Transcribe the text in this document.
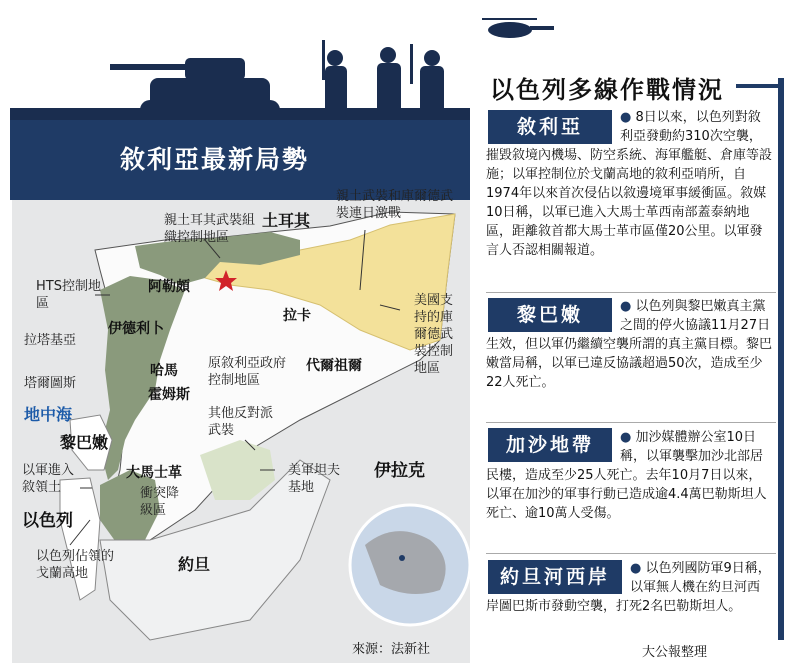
敘利亞最新局勢
親土武裝和庫爾德武裝連日激戰
親土耳其武裝組織控制地區
土耳其
HTS控制地區
阿勒頗
伊德利卜
拉塔基亞
拉卡
美國支持的庫爾德武裝控制地區
哈馬
塔爾圖斯
霍姆斯
原敘利亞政府控制地區
代爾祖爾
地中海
黎巴嫩
其他反對派武裝
以軍進入敘領土
大馬士革
衝突降級區
美軍坦夫基地
伊拉克
以色列
以色列佔領的戈蘭高地	約旦
來源：法新社
以色列多線作戰情況
敘利亞	● 8日以來，以色列對敘利亞發動約310次空襲，摧毀敘境內機場、防空系統、海軍艦艇、倉庫等設施；以軍控制位於戈蘭高地的敘利亞哨所，自1974年以來首次侵佔以敘邊境軍事緩衝區。敘媒10日稱，以軍已進入大馬士革西南部蓋泰納地區，距離敘首都大馬士革市區僅20公里。以軍發言人否認相關報道。
黎巴嫩	● 以色列與黎巴嫩真主黨之間的停火協議11月27日生效，但以軍仍繼續空襲所謂的真主黨目標。黎巴嫩當局稱，以軍已違反協議超過50次，造成至少22人死亡。
加沙地帶	● 加沙媒體辦公室10日稱，以軍襲擊加沙北部居民樓，造成至少25人死亡。去年10月7日以來，以軍在加沙的軍事行動已造成逾4.4萬巴勒斯坦人死亡、逾10萬人受傷。
約旦河西岸	● 以色列國防軍9日稱，以軍無人機在約旦河西岸圖巴斯市發動空襲，打死2名巴勒斯坦人。
大公報整理
